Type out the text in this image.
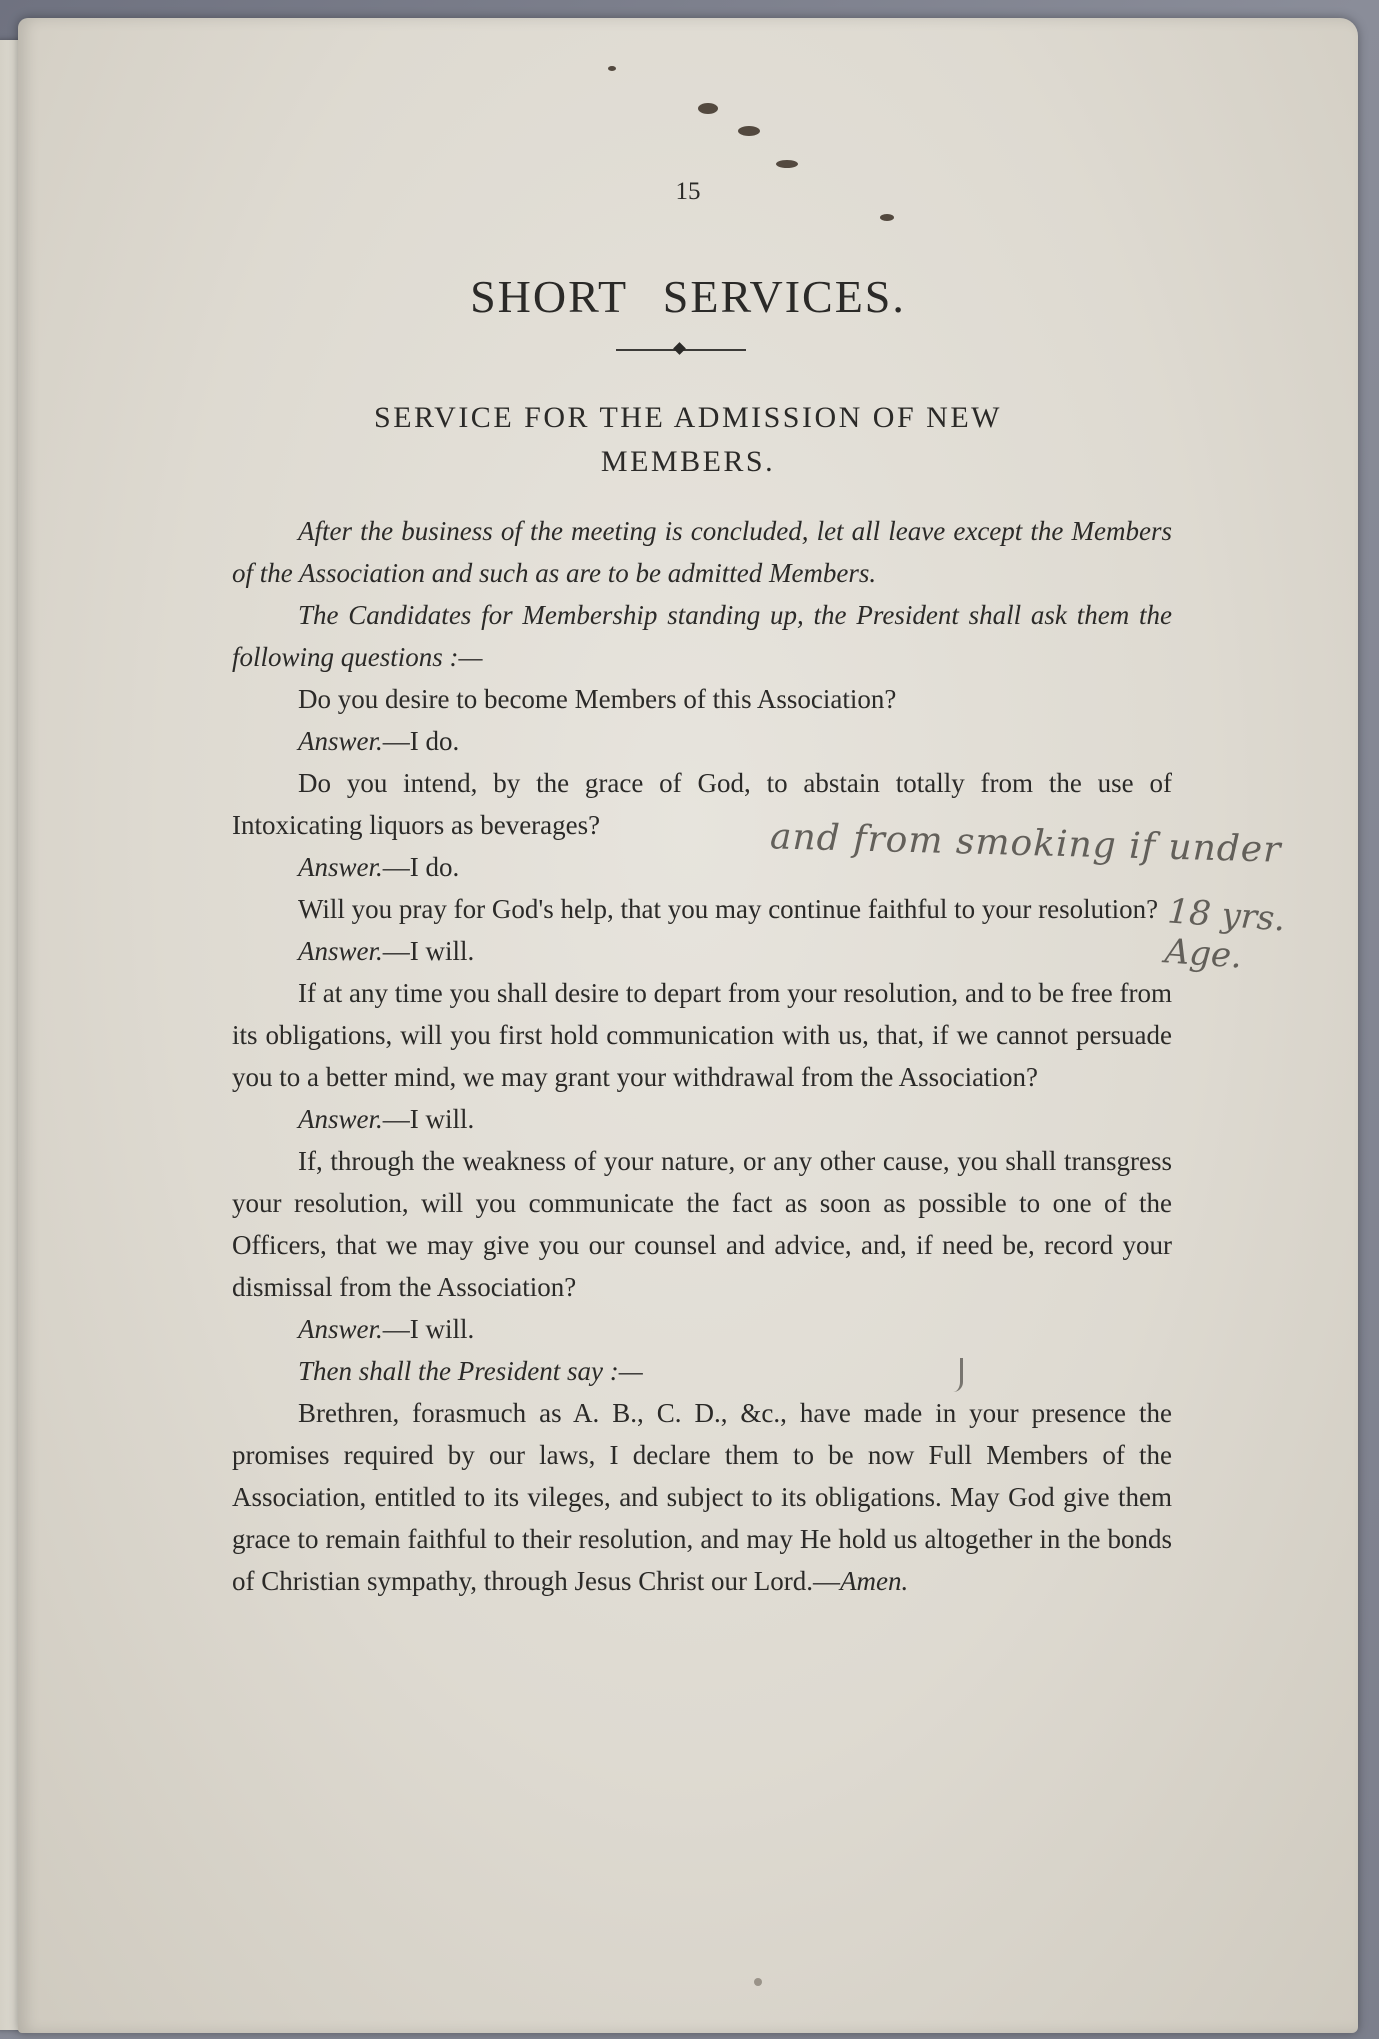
15
SHORT SERVICES.
SERVICE FOR THE ADMISSION OF NEW
MEMBERS.

After the business of the meeting is concluded, let all leave except the Members of the Association and such as are to be admitted Members.

The Candidates for Membership standing up, the President shall ask them the following questions :—

Do you desire to become Members of this Association?

Answer.—I do.

Do you intend, by the grace of God, to abstain totally from the use of Intoxicating liquors as beverages?

Answer.—I do.

Will you pray for God's help, that you may continue faithful to your resolution?

Answer.—I will.

If at any time you shall desire to depart from your resolution, and to be free from its obligations, will you first hold communication with us, that, if we cannot persuade you to a better mind, we may grant your withdrawal from the Association?

Answer.—I will.

If, through the weakness of your nature, or any other cause, you shall transgress your resolution, will you communicate the fact as soon as possible to one of the Officers, that we may give you our counsel and advice, and, if need be, record your dismissal from the Association?

Answer.—I will.

Then shall the President say :—

Brethren, forasmuch as A. B., C. D., &c., have made in your presence the promises required by our laws, I declare them to be now Full Members of the Association, entitled to its vileges, and subject to its obligations. May God give them grace to remain faithful to their resolution, and may He hold us altogether in the bonds of Christian sympathy, through Jesus Christ our Lord.—Amen.

and from smoking if under
18 yrs. Age.
